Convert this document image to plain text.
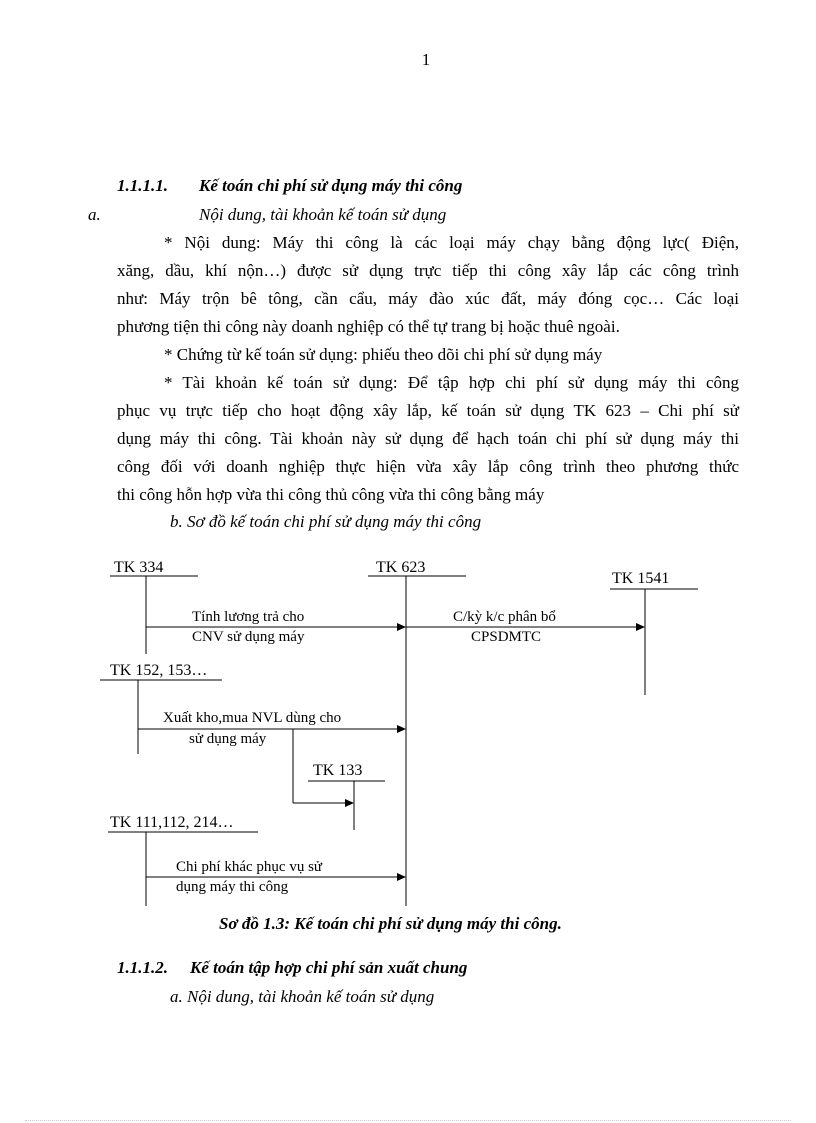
1
1.1.1.1. Kế toán chi phí sử dụng máy thi công
a.	Nội dung, tài khoản kế toán sử dụng
* Nội dung: Máy thi công là các loại máy chạy bằng động lực( Điện,
xăng, dầu, khí nộn…) được sử dụng trực tiếp thi công xây lắp các công trình
như: Máy trộn bê tông, cần cẩu, máy đào xúc đất, máy đóng cọc… Các loại
phương tiện thi công này doanh nghiệp có thể tự trang bị hoặc thuê ngoài.
* Chứng từ kế toán sử dụng: phiếu theo dõi chi phí sử dụng máy
* Tài khoản kế toán sử dụng: Để tập hợp chi phí sử dụng máy thi công
phục vụ trực tiếp cho hoạt động xây lắp, kế toán sử dụng TK 623 – Chi phí sử
dụng máy thi công. Tài khoản này sử dụng để hạch toán chi phí sử dụng máy thi
công đối với doanh nghiệp thực hiện vừa xây lắp công trình theo phương thức
thi công hỗn hợp vừa thi công thủ công vừa thi công bằng máy
b. Sơ đồ kế toán chi phí sử dụng máy thi công
TK 334	TK 623
TK 1541
TK 152, 153…
TK 133
TK 111,112, 214…
Tính lương trả cho
CNV sử dụng máy
C/kỳ k/c phân bổ
CPSDMTC
Xuất kho,mua NVL dùng cho
sử dụng máy
Chi phí khác phục vụ sử
dụng máy thi công
Sơ đồ 1.3: Kế toán chi phí sử dụng máy thi công.
1.1.1.2. Kế toán tập hợp chi phí sản xuất chung
a. Nội dung, tài khoản kế toán sử dụng
